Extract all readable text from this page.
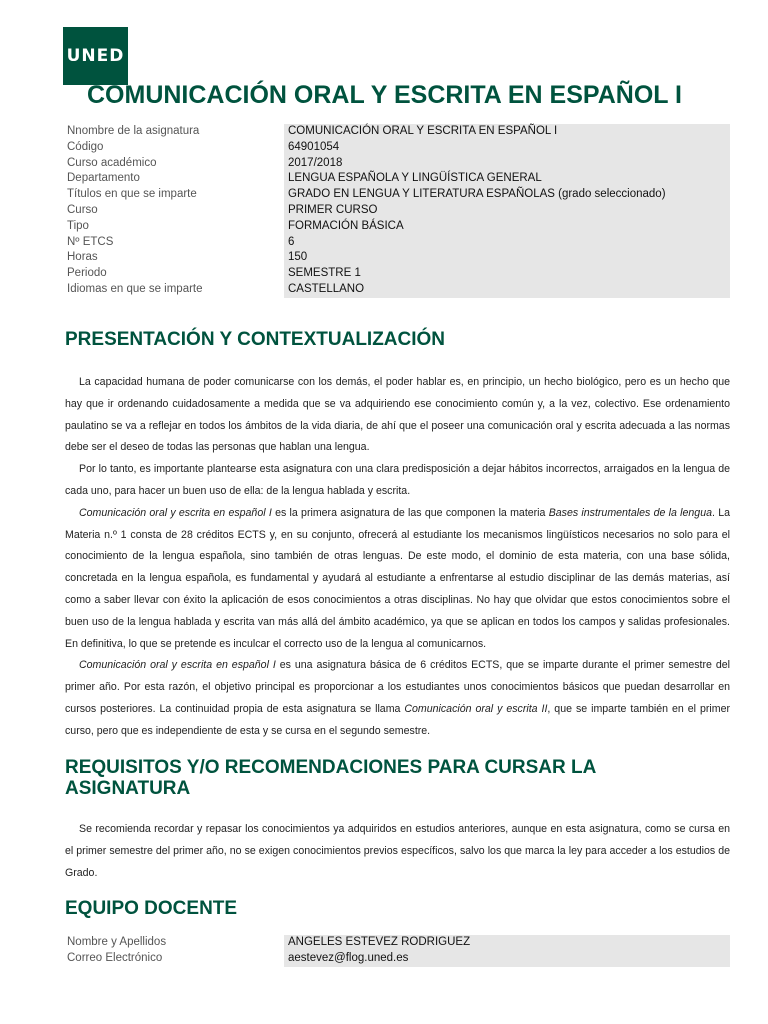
UNED
COMUNICACIÓN ORAL Y ESCRITA EN ESPAÑOL I
Nnombre de la asignatura	COMUNICACIÓN ORAL Y ESCRITA EN ESPAÑOL I
Código	64901054
Curso académico	2017/2018
Departamento	LENGUA ESPAÑOLA Y LINGÜÍSTICA GENERAL
Títulos en que se imparte	GRADO EN LENGUA Y LITERATURA ESPAÑOLAS (grado seleccionado)
Curso	PRIMER CURSO
Tipo	FORMACIÓN BÁSICA
Nº ETCS	6
Horas	150
Periodo	SEMESTRE 1
Idiomas en que se imparte	CASTELLANO
PRESENTACIÓN Y CONTEXTUALIZACIÓN

La capacidad humana de poder comunicarse con los demás, el poder hablar es, en principio, un hecho biológico, pero es un hecho que hay que ir ordenando cuidadosamente a medida que se va adquiriendo ese conocimiento común y, a la vez, colectivo. Ese ordenamiento paulatino se va a reflejar en todos los ámbitos de la vida diaria, de ahí que el poseer una comunicación oral y escrita adecuada a las normas debe ser el deseo de todas las personas que hablan una lengua.

Por lo tanto, es importante plantearse esta asignatura con una clara predisposición a dejar hábitos incorrectos, arraigados en la lengua de cada uno, para hacer un buen uso de ella: de la lengua hablada y escrita.

Comunicación oral y escrita en español I es la primera asignatura de las que componen la materia Bases instrumentales de la lengua. La Materia n.º 1 consta de 28 créditos ECTS y, en su conjunto, ofrecerá al estudiante los mecanismos lingüísticos necesarios no solo para el conocimiento de la lengua española, sino también de otras lenguas. De este modo, el dominio de esta materia, con una base sólida, concretada en la lengua española, es fundamental y ayudará al estudiante a enfrentarse al estudio disciplinar de las demás materias, así como a saber llevar con éxito la aplicación de esos conocimientos a otras disciplinas. No hay que olvidar que estos conocimientos sobre el buen uso de la lengua hablada y escrita van más allá del ámbito académico, ya que se aplican en todos los campos y salidas profesionales. En definitiva, lo que se pretende es inculcar el correcto uso de la lengua al comunicarnos.

Comunicación oral y escrita en español I es una asignatura básica de 6 créditos ECTS, que se imparte durante el primer semestre del primer año. Por esta razón, el objetivo principal es proporcionar a los estudiantes unos conocimientos básicos que puedan desarrollar en cursos posteriores. La continuidad propia de esta asignatura se llama Comunicación oral y escrita II, que se imparte también en el primer curso, pero que es independiente de esta y se cursa en el segundo semestre.

REQUISITOS Y/O RECOMENDACIONES PARA CURSAR LA ASIGNATURA

Se recomienda recordar y repasar los conocimientos ya adquiridos en estudios anteriores, aunque en esta asignatura, como se cursa en el primer semestre del primer año, no se exigen conocimientos previos específicos, salvo los que marca la ley para acceder a los estudios de Grado.

EQUIPO DOCENTE
Nombre y Apellidos	ANGELES ESTEVEZ RODRIGUEZ
Correo Electrónico	aestevez@flog.uned.es
